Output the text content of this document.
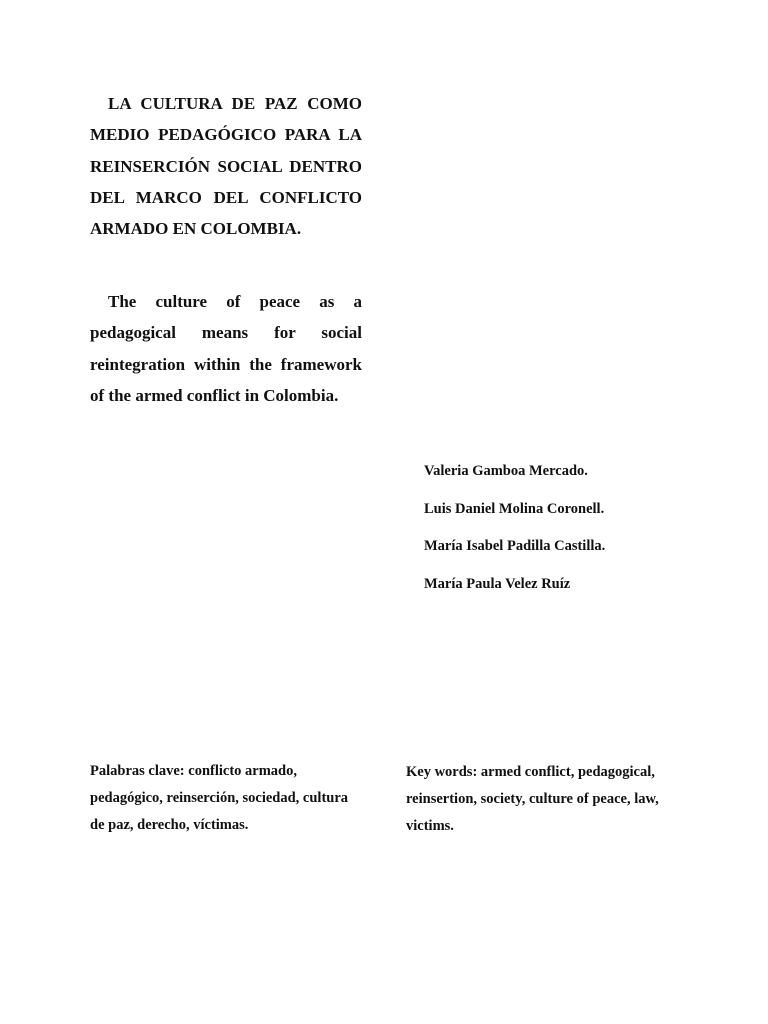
LA CULTURA DE PAZ COMO MEDIO PEDAGÓGICO PARA LA REINSERCIÓN SOCIAL DENTRO DEL MARCO DEL CONFLICTO ARMADO EN COLOMBIA.

The culture of peace as a pedagogical means for social reintegration within the framework of the armed conflict in Colombia.

Valeria Gamboa Mercado.
Luis Daniel Molina Coronell.
María Isabel Padilla Castilla.
María Paula Velez Ruíz

Palabras clave: conflicto armado, pedagógico, reinserción, sociedad, cultura de paz, derecho, víctimas.

Key words: armed conflict, pedagogical, reinsertion, society, culture of peace, law, victims.
